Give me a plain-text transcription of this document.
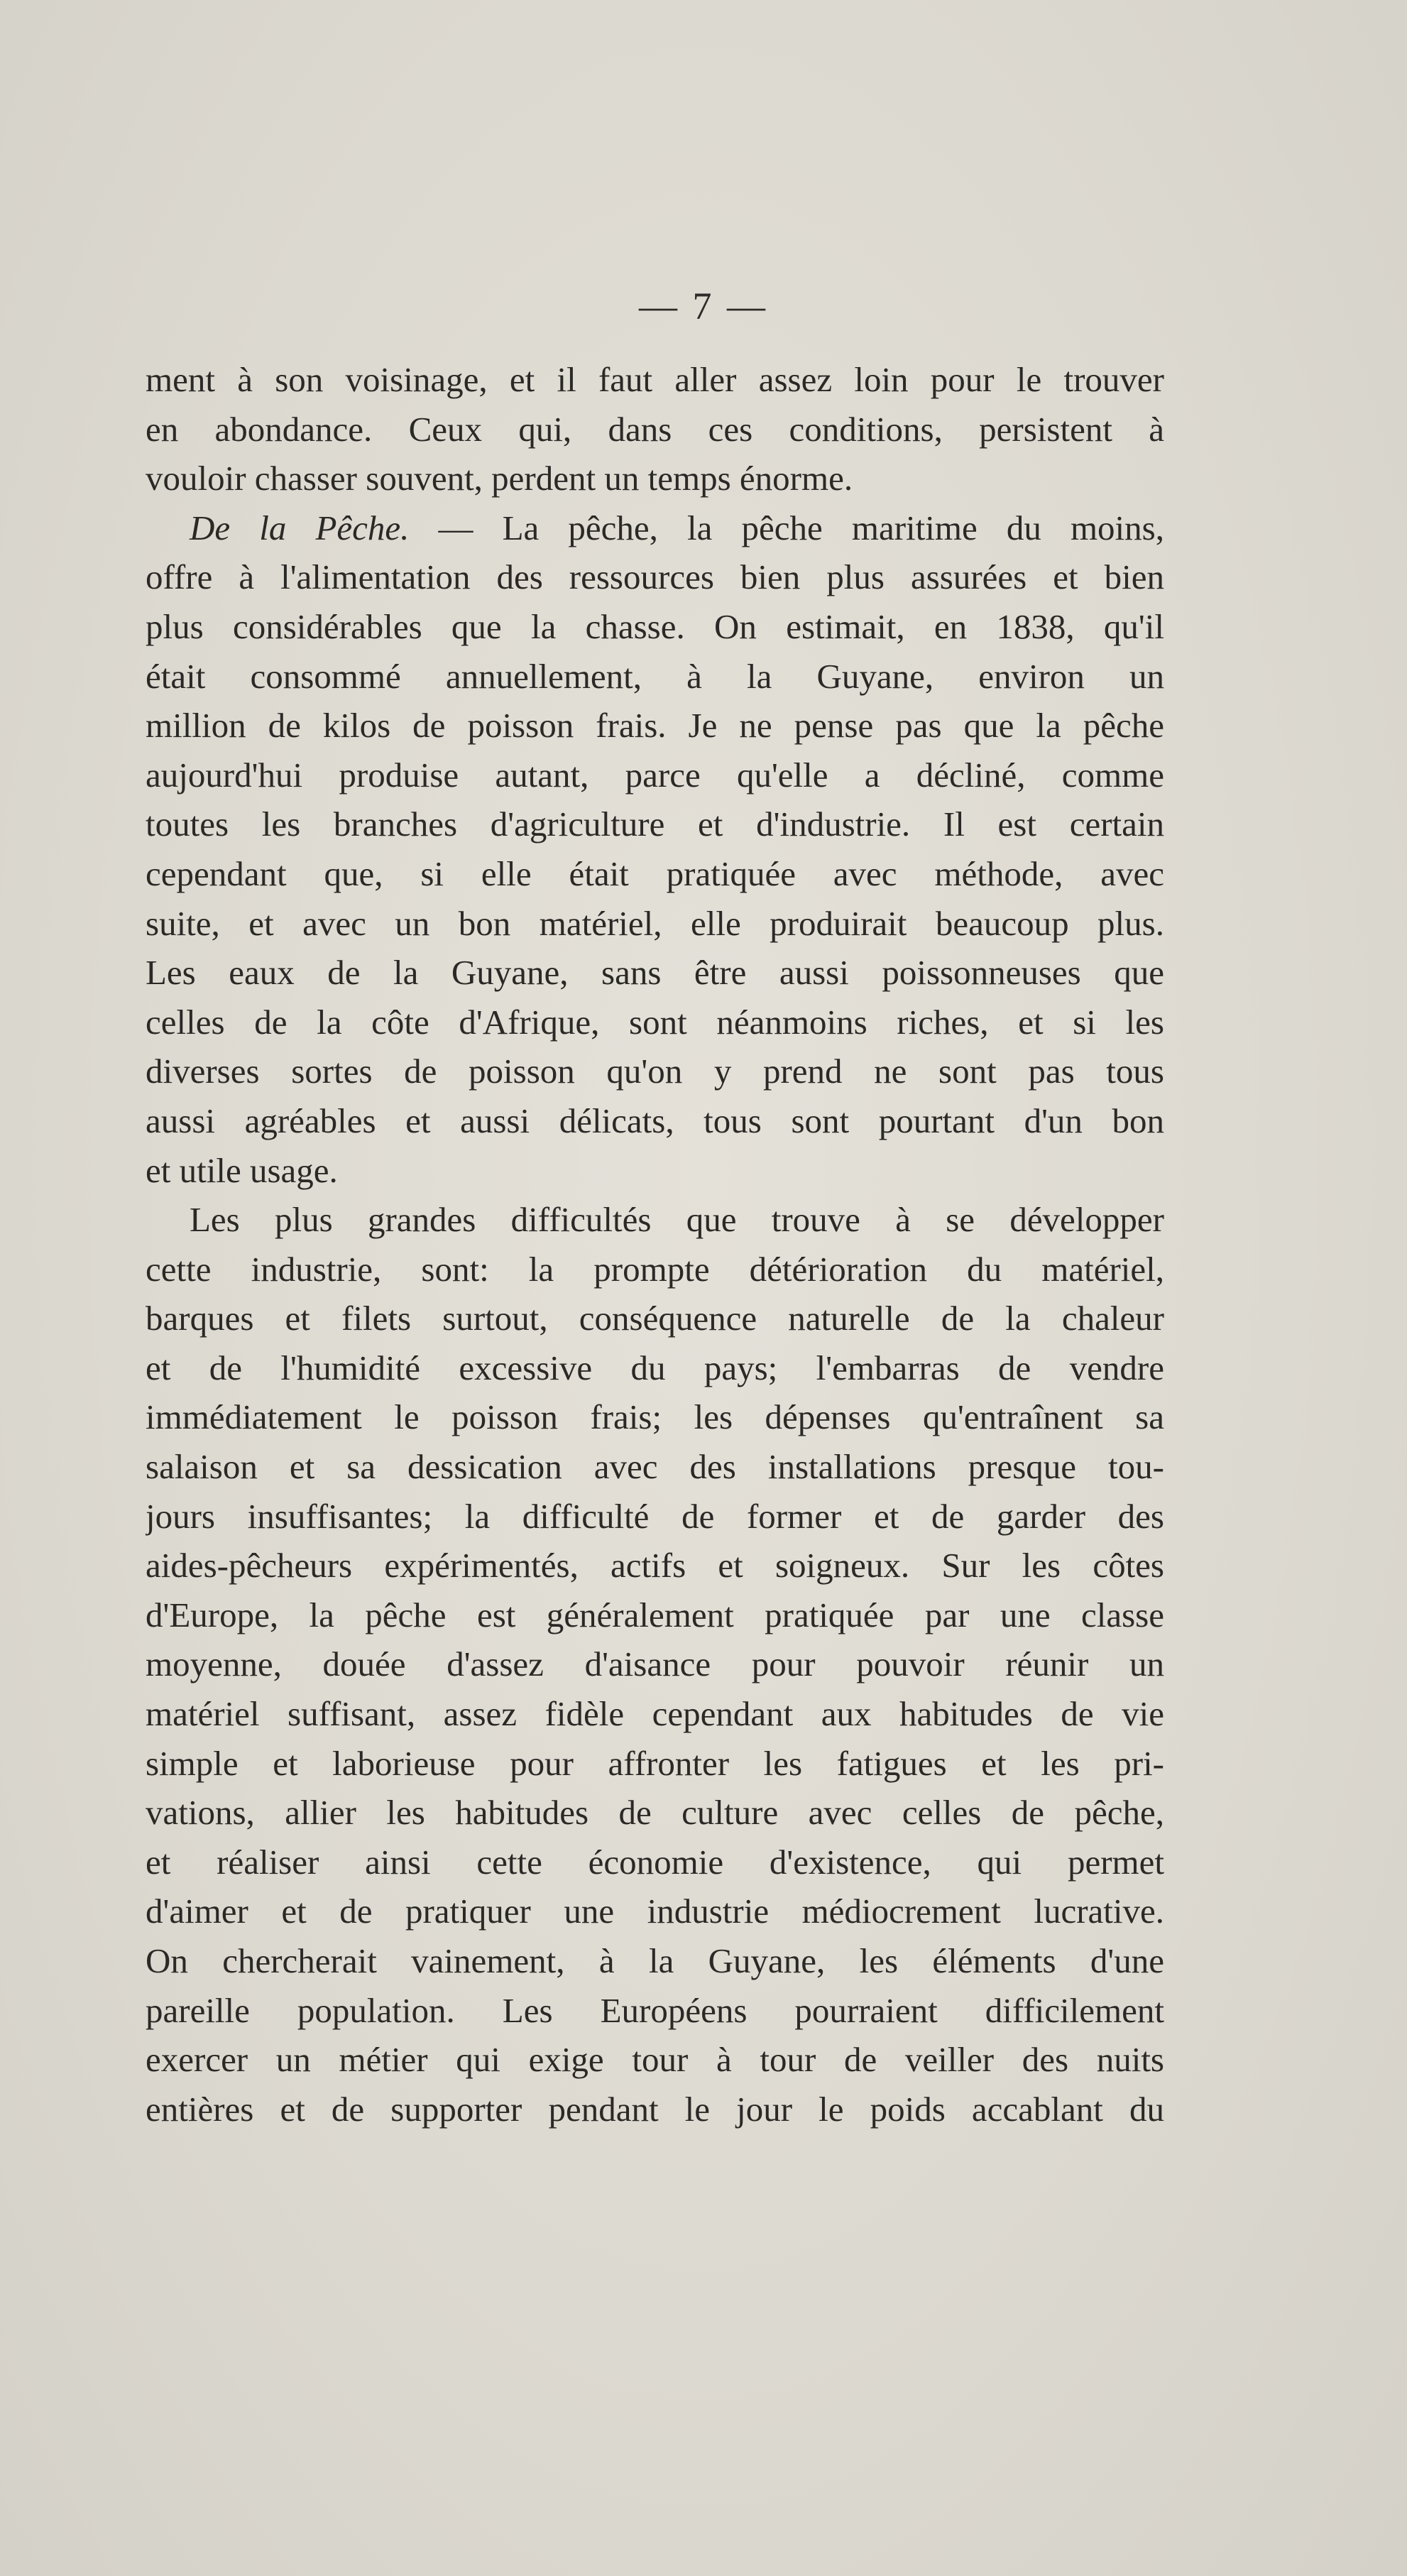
— 7 —
ment à son voisinage, et il faut aller assez loin pour le trouver
en abondance. Ceux qui, dans ces conditions, persistent à
vouloir chasser souvent, perdent un temps énorme.
De la Pêche. — La pêche, la pêche maritime du moins,
offre à l'alimentation des ressources bien plus assurées et bien
plus considérables que la chasse. On estimait, en 1838, qu'il
était consommé annuellement, à la Guyane, environ un
million de kilos de poisson frais. Je ne pense pas que la pêche
aujourd'hui produise autant, parce qu'elle a décliné, comme
toutes les branches d'agriculture et d'industrie. Il est certain
cependant que, si elle était pratiquée avec méthode, avec
suite, et avec un bon matériel, elle produirait beaucoup plus.
Les eaux de la Guyane, sans être aussi poissonneuses que
celles de la côte d'Afrique, sont néanmoins riches, et si les
diverses sortes de poisson qu'on y prend ne sont pas tous
aussi agréables et aussi délicats, tous sont pourtant d'un bon
et utile usage.
Les plus grandes difficultés que trouve à se développer
cette industrie, sont: la prompte détérioration du matériel,
barques et filets surtout, conséquence naturelle de la chaleur
et de l'humidité excessive du pays; l'embarras de vendre
immédiatement le poisson frais; les dépenses qu'entraînent sa
salaison et sa dessication avec des installations presque tou-
jours insuffisantes; la difficulté de former et de garder des
aides-pêcheurs expérimentés, actifs et soigneux. Sur les côtes
d'Europe, la pêche est généralement pratiquée par une classe
moyenne, douée d'assez d'aisance pour pouvoir réunir un
matériel suffisant, assez fidèle cependant aux habitudes de vie
simple et laborieuse pour affronter les fatigues et les pri-
vations, allier les habitudes de culture avec celles de pêche,
et réaliser ainsi cette économie d'existence, qui permet
d'aimer et de pratiquer une industrie médiocrement lucrative.
On chercherait vainement, à la Guyane, les éléments d'une
pareille population. Les Européens pourraient difficilement
exercer un métier qui exige tour à tour de veiller des nuits
entières et de supporter pendant le jour le poids accablant du
